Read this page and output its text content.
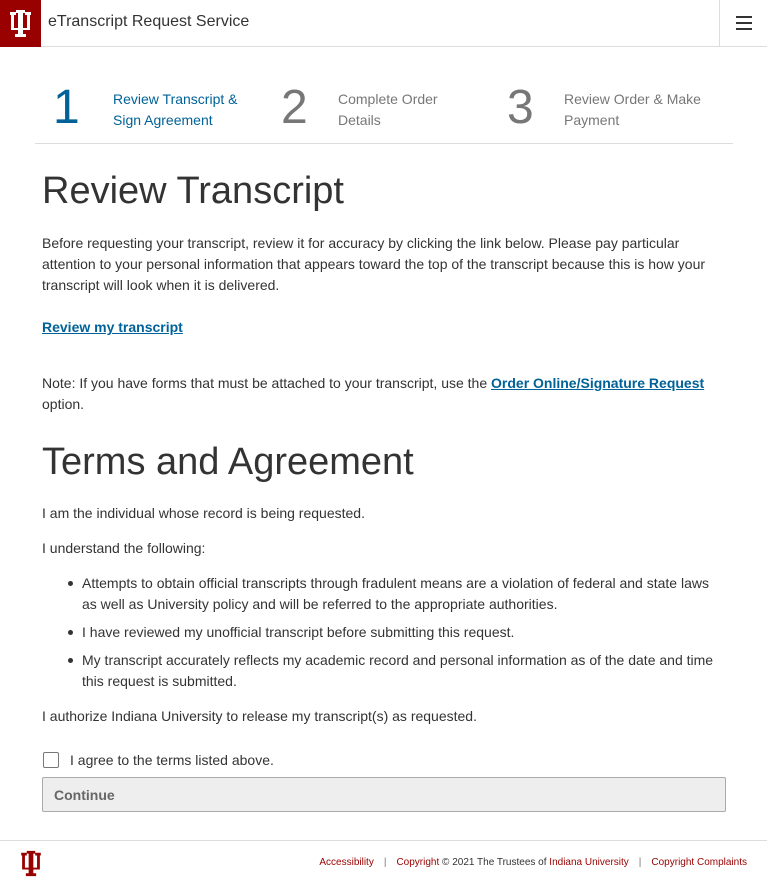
eTranscript Request Service
1 Review Transcript & Sign Agreement	2 Complete Order Details	3 Review Order & Make Payment
Review Transcript

Before requesting your transcript, review it for accuracy by clicking the link below. Please pay particular attention to your personal information that appears toward the top of the transcript because this is how your transcript will look when it is delivered.

Review my transcript

Note: If you have forms that must be attached to your transcript, use the Order Online/Signature Request option.

Terms and Agreement

I am the individual whose record is being requested.

I understand the following:

Attempts to obtain official transcripts through fradulent means are a violation of federal and state laws as well as University policy and will be referred to the appropriate authorities.
I have reviewed my unofficial transcript before submitting this request.
My transcript accurately reflects my academic record and personal information as of the date and time this request is submitted.

I authorize Indiana University to release my transcript(s) as requested.

I agree to the terms listed above.
Continue
Accessibility | Copyright © 2021 The Trustees of Indiana University | Copyright Complaints
